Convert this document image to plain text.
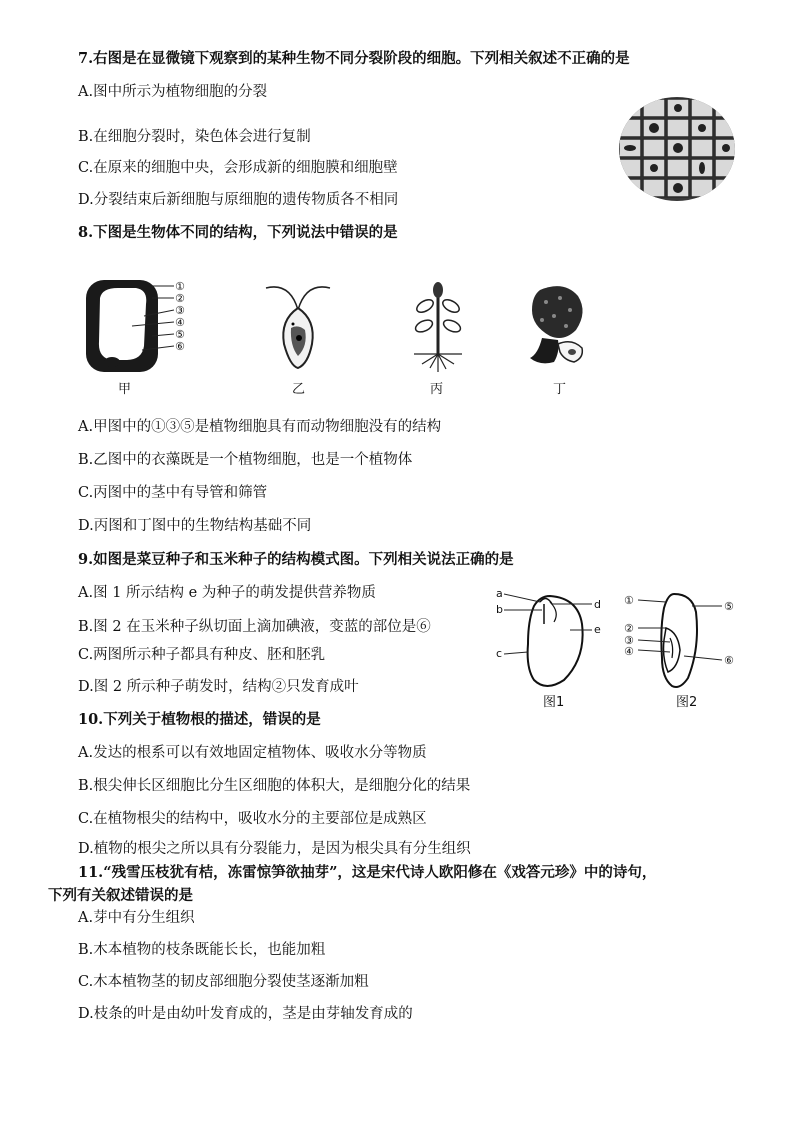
7.右图是在显微镜下观察到的某种生物不同分裂阶段的细胞。下列相关叙述不正确的是
A.图中所示为植物细胞的分裂
B.在细胞分裂时，染色体会进行复制
C.在原来的细胞中央，会形成新的细胞膜和细胞壁
D.分裂结束后新细胞与原细胞的遗传物质各不相同
8.下图是生物体不同的结构，下列说法中错误的是
①
②
③
④
⑤
⑥
甲	乙	丙	丁
A.甲图中的①③⑤是植物细胞具有而动物细胞没有的结构
B.乙图中的衣藻既是一个植物细胞，也是一个植物体
C.丙图中的茎中有导管和筛管
D.丙图和丁图中的生物结构基础不同
9.如图是菜豆种子和玉米种子的结构模式图。下列相关说法正确的是
A.图 1 所示结构 e 为种子的萌发提供营养物质
B.图 2 在玉米种子纵切面上滴加碘液，变蓝的部位是⑥
C.两图所示种子都具有种皮、胚和胚乳
D.图 2 所示种子萌发时，结构②只发育成叶
a
b
c
d
e
①
②
③
④
⑤
⑥
图1	图2
10.下列关于植物根的描述，错误的是
A.发达的根系可以有效地固定植物体、吸收水分等物质
B.根尖伸长区细胞比分生区细胞的体积大，是细胞分化的结果
C.在植物根尖的结构中，吸收水分的主要部位是成熟区
D.植物的根尖之所以具有分裂能力，是因为根尖具有分生组织
11.“残雪压枝犹有桔，冻雷惊笋欲抽芽”，这是宋代诗人欧阳修在《戏答元珍》中的诗句，
下列有关叙述错误的是
A.芽中有分生组织
B.木本植物的枝条既能长长，也能加粗
C.木本植物茎的韧皮部细胞分裂使茎逐渐加粗
D.枝条的叶是由幼叶发育成的，茎是由芽轴发育成的
